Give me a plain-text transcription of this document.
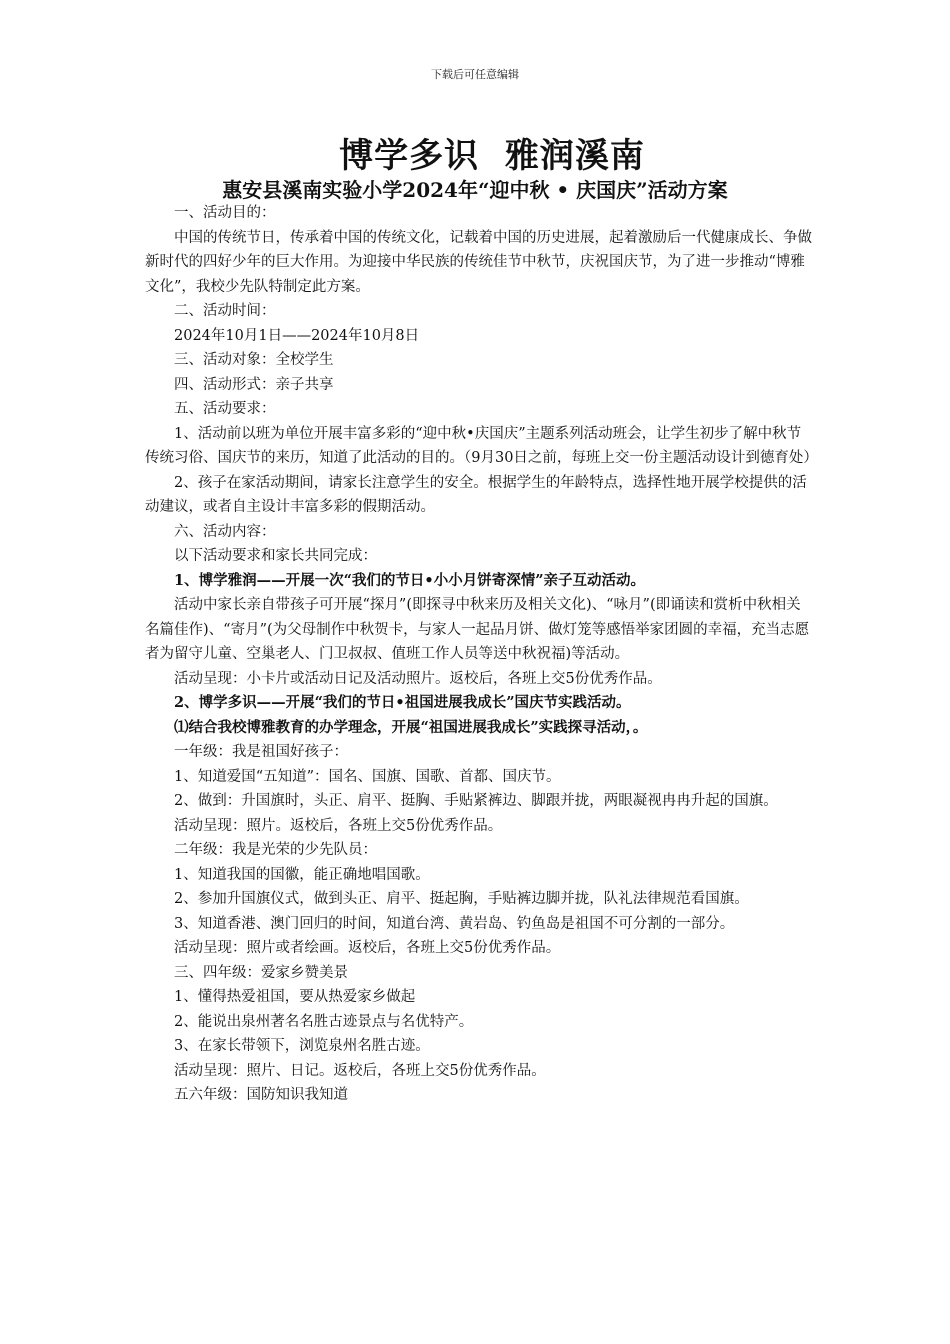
下载后可任意编辑
博学多识  雅润溪南
惠安县溪南实验小学2024年“迎中秋 • 庆国庆”活动方案

一、活动目的：

中国的传统节日，传承着中国的传统文化，记载着中国的历史进展，起着激励后一代健康成长、争做新时代的四好少年的巨大作用。为迎接中华民族的传统佳节中秋节，庆祝国庆节，为了进一步推动“博雅文化”，我校少先队特制定此方案。

二、活动时间：

2024年10月1日——2024年10月8日

三、活动对象：全校学生

四、活动形式：亲子共享

五、活动要求：

1、活动前以班为单位开展丰富多彩的“迎中秋•庆国庆”主题系列活动班会，让学生初步了解中秋节传统习俗、国庆节的来历，知道了此活动的目的。（9月30日之前，每班上交一份主题活动设计到德育处）

2、孩子在家活动期间，请家长注意学生的安全。根据学生的年龄特点，选择性地开展学校提供的活动建议，或者自主设计丰富多彩的假期活动。

六、活动内容：

以下活动要求和家长共同完成：

1、博学雅润——开展一次“我们的节日•小小月饼寄深情”亲子互动活动。

活动中家长亲自带孩子可开展“探月”(即探寻中秋来历及相关文化)、“咏月”(即诵读和赏析中秋相关名篇佳作)、“寄月”(为父母制作中秋贺卡，与家人一起品月饼、做灯笼等感悟举家团圆的幸福，充当志愿者为留守儿童、空巢老人、门卫叔叔、值班工作人员等送中秋祝福)等活动。

活动呈现：小卡片或活动日记及活动照片。返校后，各班上交5份优秀作品。

2、博学多识——开展“我们的节日•祖国进展我成长”国庆节实践活动。

⑴结合我校博雅教育的办学理念，开展“祖国进展我成长”实践探寻活动，。

一年级：我是祖国好孩子：

1、知道爱国“五知道”：国名、国旗、国歌、首都、国庆节。

2、做到：升国旗时，头正、肩平、挺胸、手贴紧裤边、脚跟并拢，两眼凝视冉冉升起的国旗。

活动呈现：照片。返校后，各班上交5份优秀作品。

二年级：我是光荣的少先队员：

1、知道我国的国徽，能正确地唱国歌。

2、参加升国旗仪式，做到头正、肩平、挺起胸，手贴裤边脚并拢，队礼法律规范看国旗。

3、知道香港、澳门回归的时间，知道台湾、黄岩岛、钓鱼岛是祖国不可分割的一部分。

活动呈现：照片或者绘画。返校后，各班上交5份优秀作品。

三、四年级：爱家乡赞美景

1、懂得热爱祖国，要从热爱家乡做起

2、能说出泉州著名名胜古迹景点与名优特产。

3、在家长带领下，浏览泉州名胜古迹。

活动呈现：照片、日记。返校后，各班上交5份优秀作品。

五六年级：国防知识我知道
